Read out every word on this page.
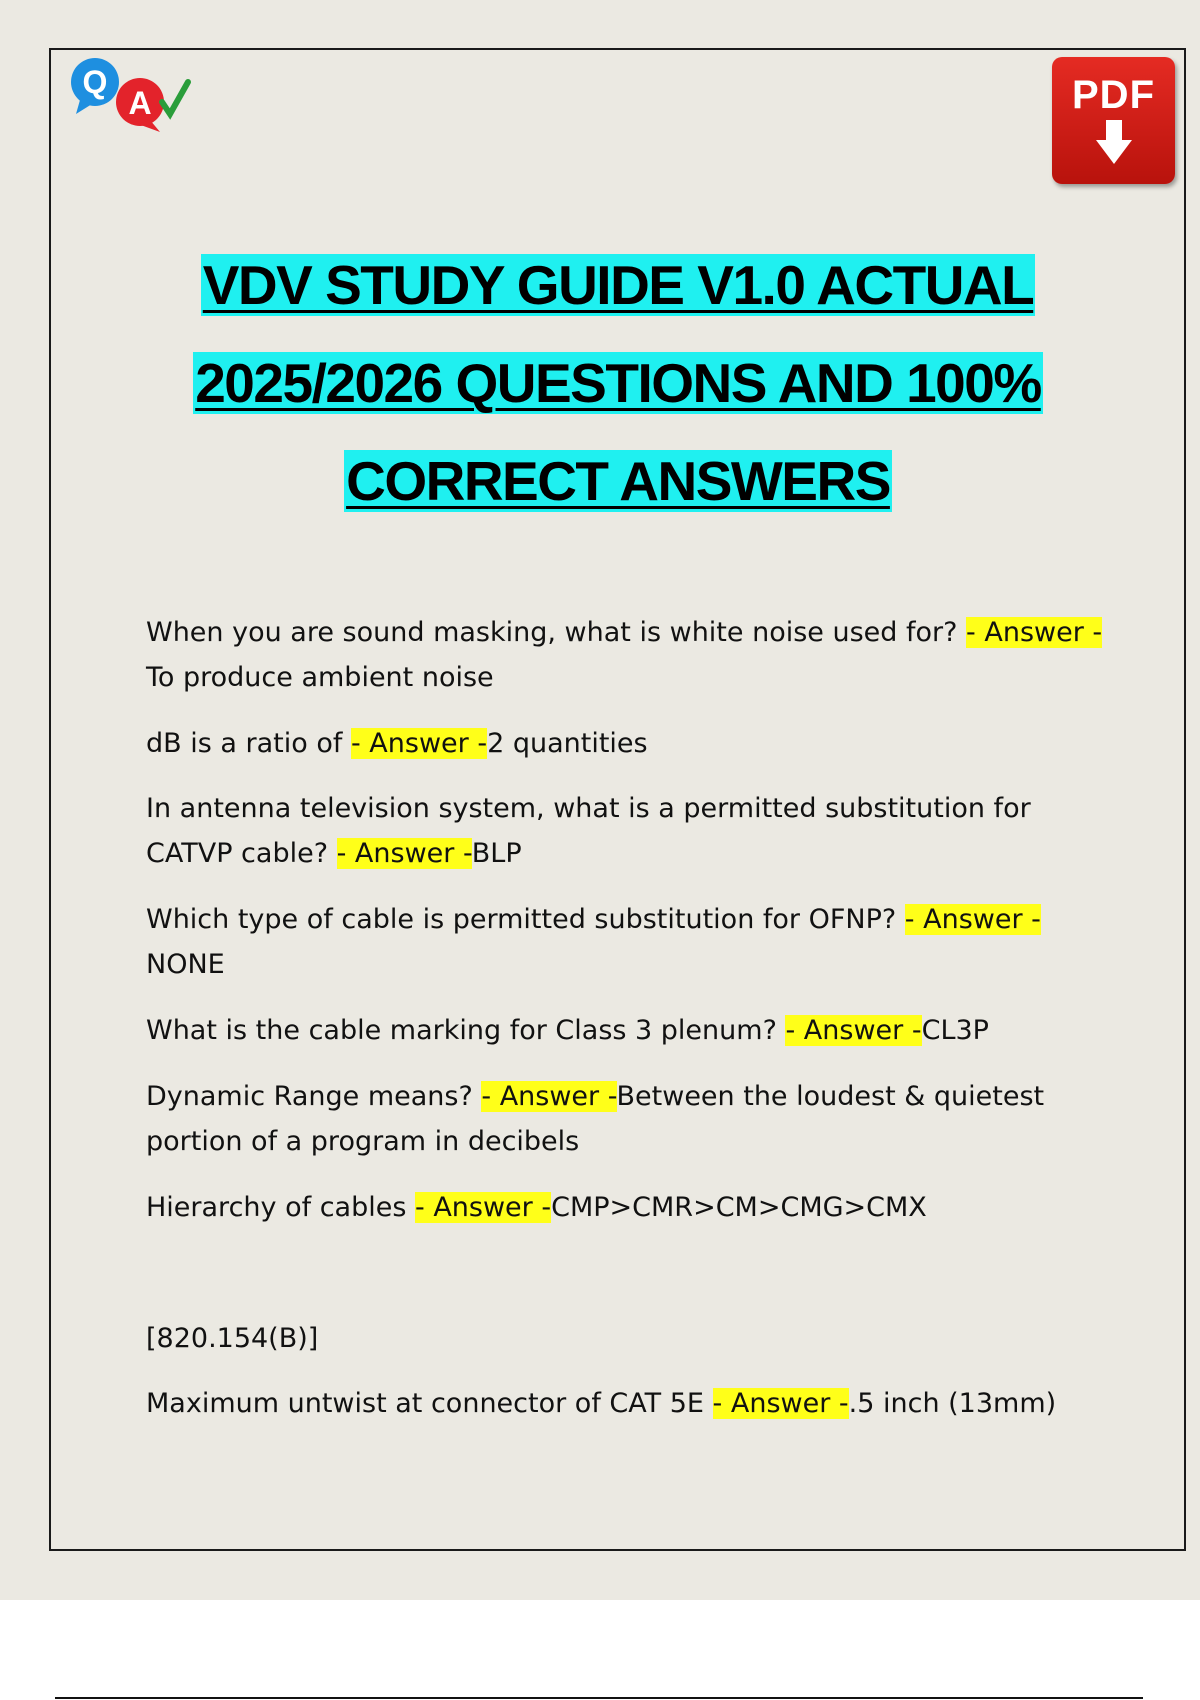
Q
A	PDF
VDV STUDY GUIDE V1.0 ACTUAL
2025/2026 QUESTIONS AND 100%
CORRECT ANSWERS
When you are sound masking, what is white noise used for? - Answer -
To produce ambient noise
dB is a ratio of - Answer -2 quantities
In antenna television system, what is a permitted substitution for CATVP cable? - Answer -BLP
Which type of cable is permitted substitution for OFNP? - Answer -
NONE
What is the cable marking for Class 3 plenum? - Answer -CL3P
Dynamic Range means? - Answer -Between the loudest & quietest portion of a program in decibels
Hierarchy of cables - Answer -CMP>CMR>CM>CMG>CMX
[820.154(B)]
Maximum untwist at connector of CAT 5E - Answer -.5 inch (13mm)
